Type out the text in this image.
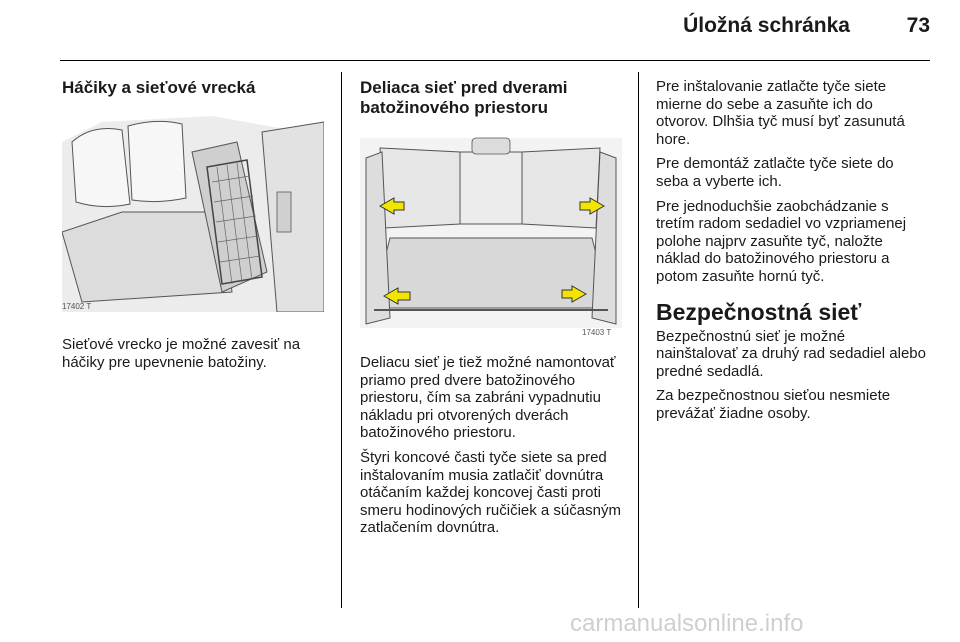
Úložná schránka	73
Háčiky a sieťové vrecká
17402 T

Sieťové vrecko je možné zavesiť na háčiky pre upevnenie batožiny.

Deliaca sieť pred dverami batožinového priestoru
17403 T

Deliacu sieť je tiež možné namontovať priamo pred dvere batožinového priestoru, čím sa zabráni vypadnutiu nákladu pri otvorených dverách batožinového priestoru.

Štyri koncové časti tyče siete sa pred inštalovaním musia zatlačiť dovnútra otáčaním každej koncovej časti proti smeru hodinových ručičiek a súčasným zatlačením dovnútra.

Pre inštalovanie zatlačte tyče siete mierne do sebe a zasuňte ich do otvorov. Dlhšia tyč musí byť zasunutá hore.

Pre demontáž zatlačte tyče siete do seba a vyberte ich.

Pre jednoduchšie zaobchádzanie s tretím radom sedadiel vo vzpriamenej polohe najprv zasuňte tyč, naložte náklad do batožinového priestoru a potom zasuňte hornú tyč.

Bezpečnostná sieť

Bezpečnostnú sieť je možné nainštalovať za druhý rad sedadiel alebo predné sedadlá.

Za bezpečnostnou sieťou nesmiete prevážať žiadne osoby.

carmanualsonline.info
